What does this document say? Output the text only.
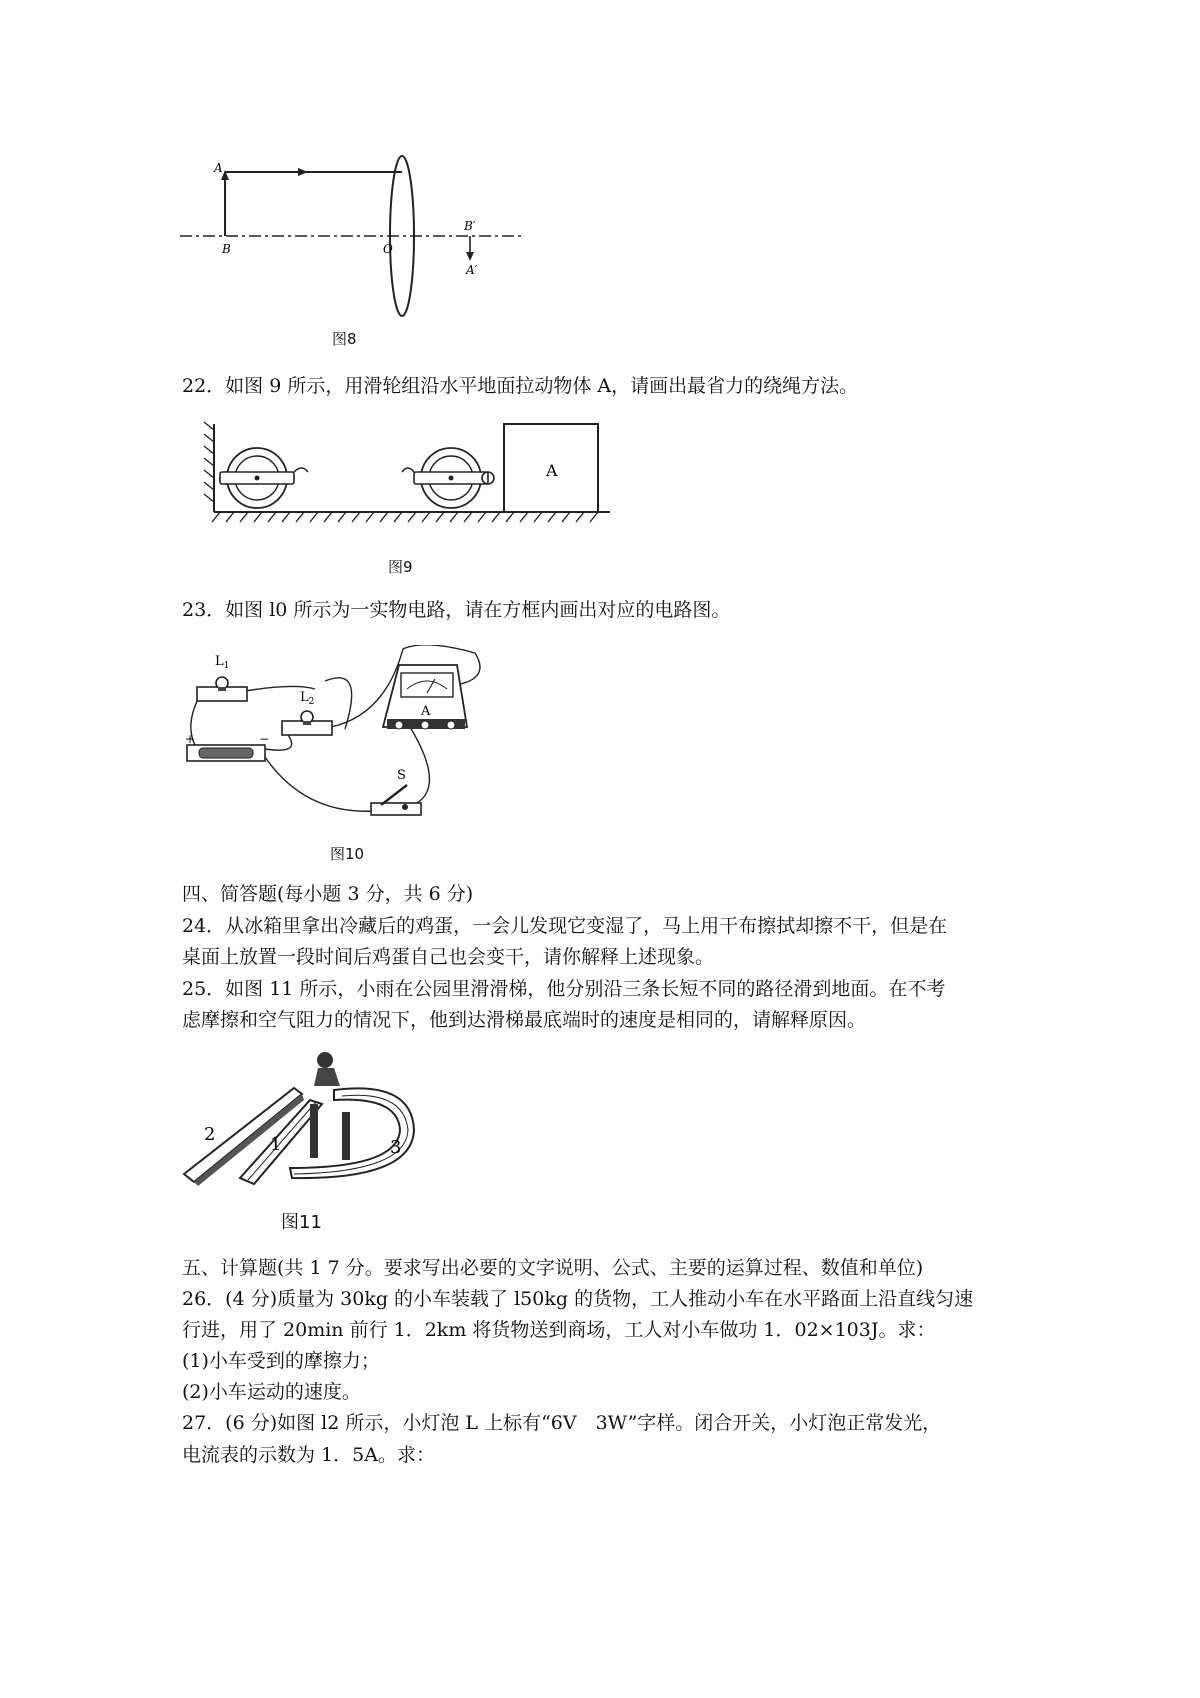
A
B	O
B′
A′
图8
22．如图 9 所示，用滑轮组沿水平地面拉动物体 A，请画出最省力的绕绳方法。
A
图9
23．如图 l0 所示为一实物电路，请在方框内画出对应的电路图。
$L_1$
$L_2$
+	−
A
S
图10
四、简答题(每小题 3 分，共 6 分)
24．从冰箱里拿出冷藏后的鸡蛋，一会儿发现它变湿了，马上用干布擦拭却擦不干，但是在
桌面上放置一段时间后鸡蛋自己也会变干，请你解释上述现象。
25．如图 11 所示，小雨在公园里滑滑梯，他分别沿三条长短不同的路径滑到地面。在不考
虑摩擦和空气阻力的情况下，他到达滑梯最底端时的速度是相同的，请解释原因。
2	1	3
图11
五、计算题(共 1 7 分。要求写出必要的文字说明、公式、主要的运算过程、数值和单位)
26．(4 分)质量为 30kg 的小车装载了 l50kg 的货物，工人推动小车在水平路面上沿直线匀速
行进，用了 20min 前行 1．2km 将货物送到商场，工人对小车做功 1．02×103J。求：
(1)小车受到的摩擦力；
(2)小车运动的速度。
27．(6 分)如图 l2 所示，小灯泡 L 上标有“6V　3W”字样。闭合开关，小灯泡正常发光，
电流表的示数为 1．5A。求：
